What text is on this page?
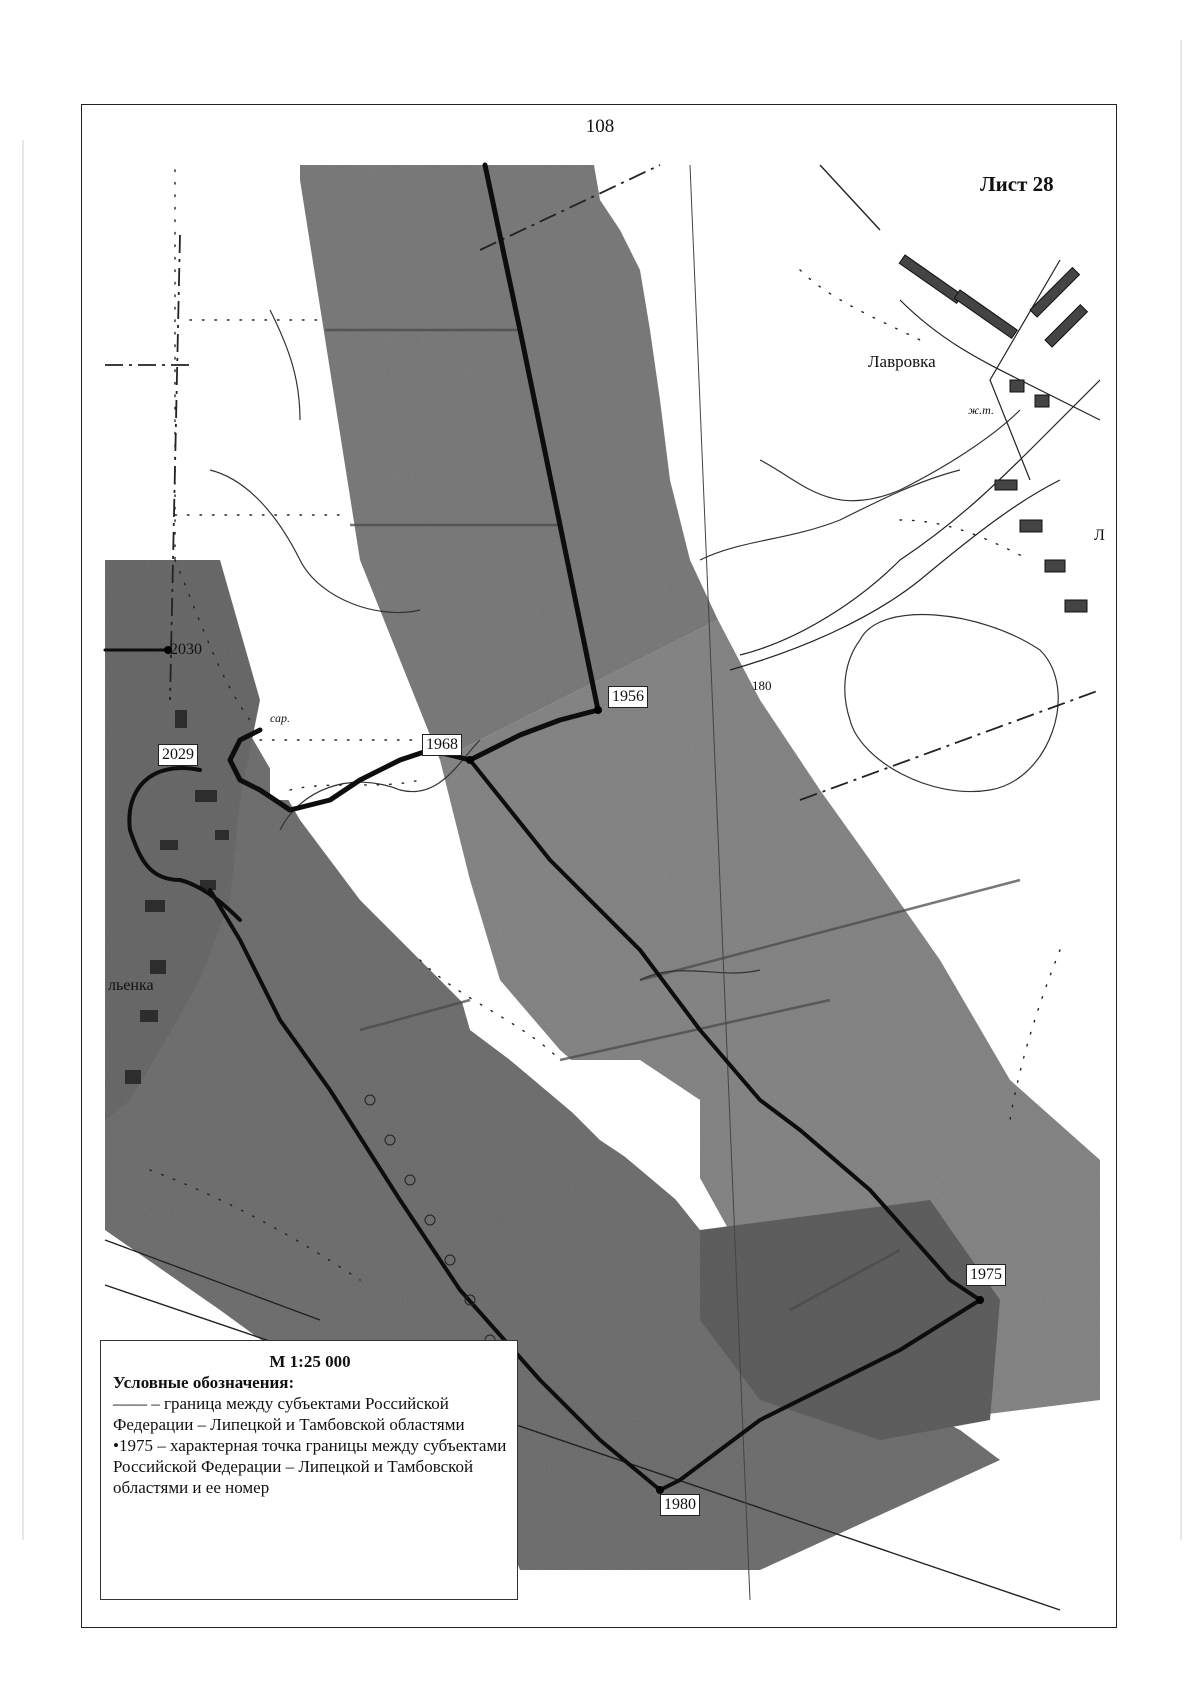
108
2030
2029
1968
1956
1975
1980
Лавровка
льенка
сар.
ж.т.
180
Л
Лист 28
М 1:25 000
Условные обозначения:
—— – граница между субъектами Российской Федерации – Липецкой и Тамбовской областями
•1975 – характерная точка границы между субъектами Российской Федерации – Липецкой и Тамбовской областями и ее номер
